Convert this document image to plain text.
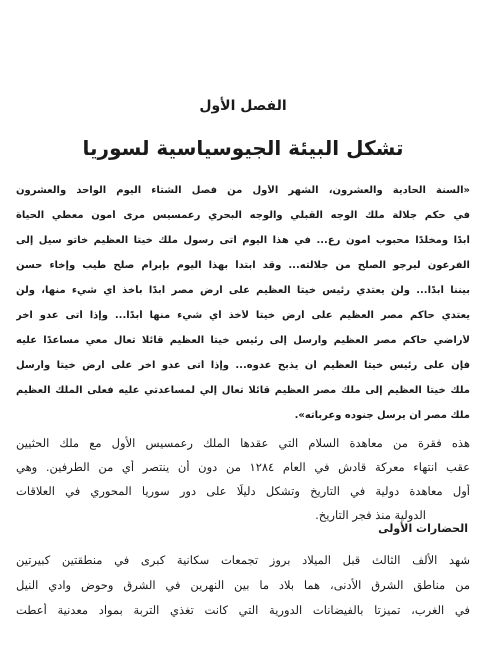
الفصل الأول
تشكل البيئة الجيوسياسية لسوريا
«السنة الحادية والعشرون، الشهر الأول من فصل الشتاء اليوم الواحد والعشرون
في حكم جلالة ملك الوجه القبلي والوجه البحري رعمسيس مرى أمون معطي الحياة
أبدًا ومخلدًا محبوب أمون رع... في هذا اليوم أتى رسول ملك خيتا العظيم خاتو سيل إلى
الفرعون ليرجو الصلح من جلالته... وقد ابتدأ بهذا اليوم بإبرام صلح طيب وإخاء حسن
بيننا أبدًا... ولن يعتدي رئيس خيتا العظيم على أرض مصر أبدًا بأخذ أي شيء منها، ولن
يعتدي حاكم مصر العظيم على أرض خيتا لأخذ أي شيء منها أبدًا... وإذا أتى عدو آخر
لأراضي حاكم مصر العظيم وأرسل إلى رئيس خيتا العظيم قائلًا تعال معي مساعدًا عليه
فإن على رئيس خيتا العظيم أن يذبح عدوه... وإذا أتى عدو آخر على أرض خيتا وأرسل
ملك خيتا العظيم إلى ملك مصر العظيم قائلًا تعال إلي لمساعدتي عليه فعلى الملك العظيم
ملك مصر أن يرسل جنوده وعرباته».
هذه فقرة من معاهدة السلام التي عقدها الملك رعمسيس الأول مع ملك الحثيين
عقب انتهاء معركة قادش في العام ١٢٨٤ من دون أن ينتصر أي من الطرفين. وهي
أول معاهدة دولية في التاريخ وتشكل دليلًا على دور سوريا المحوري في العلاقات
الدولية منذ فجر التاريخ.
الحضارات الأولى
شهد الألف الثالث قبل الميلاد بروز تجمعات سكانية كبرى في منطقتين كبيرتين
من مناطق الشرق الأدنى، هما بلاد ما بين النهرين في الشرق وحوض وادي النيل
في الغرب، تميزتا بالفيضانات الدورية التي كانت تغذي التربة بمواد معدنية أعطت
